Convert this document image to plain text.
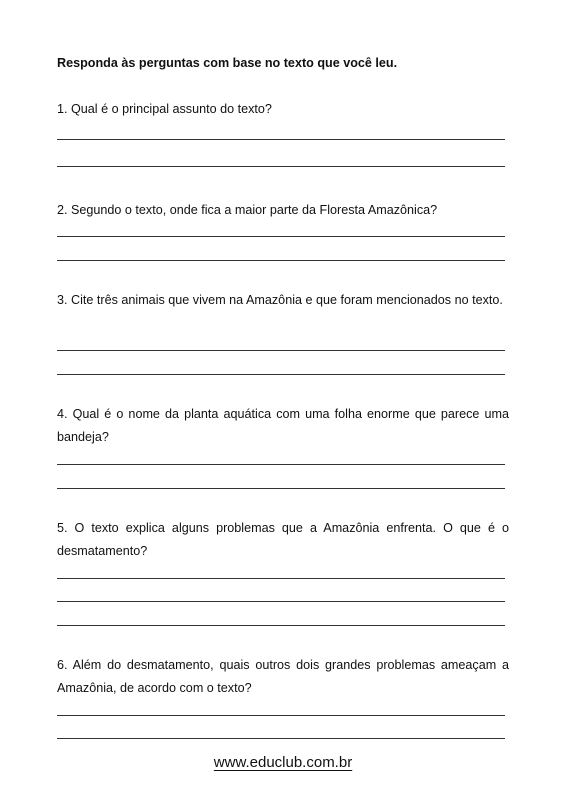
Responda às perguntas com base no texto que você leu.
1. Qual é o principal assunto do texto?
2. Segundo o texto, onde fica a maior parte da Floresta Amazônica?
3. Cite três animais que vivem na Amazônia e que foram mencionados no texto.
4. Qual é o nome da planta aquática com uma folha enorme que parece uma bandeja?
5. O texto explica alguns problemas que a Amazônia enfrenta. O que é o desmatamento?
6. Além do desmatamento, quais outros dois grandes problemas ameaçam a Amazônia, de acordo com o texto?
www.educlub.com.br
